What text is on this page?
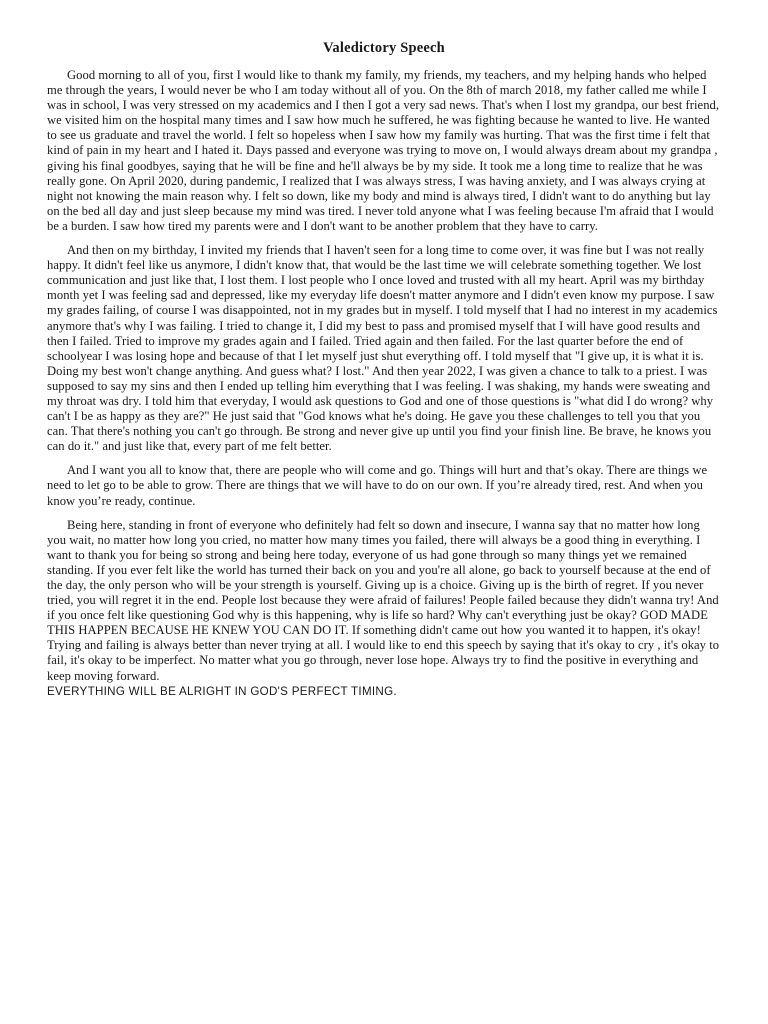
Valedictory Speech

Good morning to all of you, first I would like to thank my family, my friends, my teachers, and my helping hands who helped me through the years, I would never be who I am today without all of you. On the 8th of march 2018, my father called me while I was in school, I was very stressed on my academics and I then I got a very sad news. That's when I lost my grandpa, our best friend, we visited him on the hospital many times and I saw how much he suffered, he was fighting because he wanted to live. He wanted to see us graduate and travel the world. I felt so hopeless when I saw how my family was hurting. That was the first time i felt that kind of pain in my heart and I hated it. Days passed and everyone was trying to move on, I would always dream about my grandpa , giving his final goodbyes, saying that he will be fine and he'll always be by my side. It took me a long time to realize that he was really gone. On April 2020, during pandemic, I realized that I was always stress, I was having anxiety, and I was always crying at night not knowing the main reason why. I felt so down, like my body and mind is always tired, I didn't want to do anything but lay on the bed all day and just sleep because my mind was tired. I never told anyone what I was feeling because I'm afraid that I would be a burden. I saw how tired my parents were and I don't want to be another problem that they have to carry.

And then on my birthday, I invited my friends that I haven't seen for a long time to come over, it was fine but I was not really happy. It didn't feel like us anymore, I didn't know that, that would be the last time we will celebrate something together. We lost communication and just like that, I lost them. I lost people who I once loved and trusted with all my heart. April was my birthday month yet I was feeling sad and depressed, like my everyday life doesn't matter anymore and I didn't even know my purpose. I saw my grades failing, of course I was disappointed, not in my grades but in myself. I told myself that I had no interest in my academics anymore that's why I was failing. I tried to change it, I did my best to pass and promised myself that I will have good results and then I failed. Tried to improve my grades again and I failed. Tried again and then failed. For the last quarter before the end of schoolyear I was losing hope and because of that I let myself just shut everything off. I told myself that "I give up, it is what it is. Doing my best won't change anything. And guess what? I lost." And then year 2022, I was given a chance to talk to a priest. I was supposed to say my sins and then I ended up telling him everything that I was feeling. I was shaking, my hands were sweating and my throat was dry. I told him that everyday, I would ask questions to God and one of those questions is "what did I do wrong? why can't I be as happy as they are?" He just said that "God knows what he's doing. He gave you these challenges to tell you that you can. That there's nothing you can't go through. Be strong and never give up until you find your finish line. Be brave, he knows you can do it." and just like that, every part of me felt better.

And I want you all to know that, there are people who will come and go. Things will hurt and that’s okay. There are things we need to let go to be able to grow. There are things that we will have to do on our own. If you’re already tired, rest. And when you know you’re ready, continue.

Being here, standing in front of everyone who definitely had felt so down and insecure, I wanna say that no matter how long you wait, no matter how long you cried, no matter how many times you failed, there will always be a good thing in everything. I want to thank you for being so strong and being here today, everyone of us had gone through so many things yet we remained standing. If you ever felt like the world has turned their back on you and you're all alone, go back to yourself because at the end of the day, the only person who will be your strength is yourself. Giving up is a choice. Giving up is the birth of regret. If you never tried, you will regret it in the end. People lost because they were afraid of failures! People failed because they didn't wanna try! And if you once felt like questioning God why is this happening, why is life so hard? Why can't everything just be okay? GOD MADE THIS HAPPEN BECAUSE HE KNEW YOU CAN DO IT. If something didn't came out how you wanted it to happen, it's okay! Trying and failing is always better than never trying at all. I would like to end this speech by saying that it's okay to cry , it's okay to fail, it's okay to be imperfect. No matter what you go through, never lose hope. Always try to find the positive in everything and keep moving forward.
EVERYTHING WILL BE ALRIGHT IN GOD'S PERFECT TIMING.
